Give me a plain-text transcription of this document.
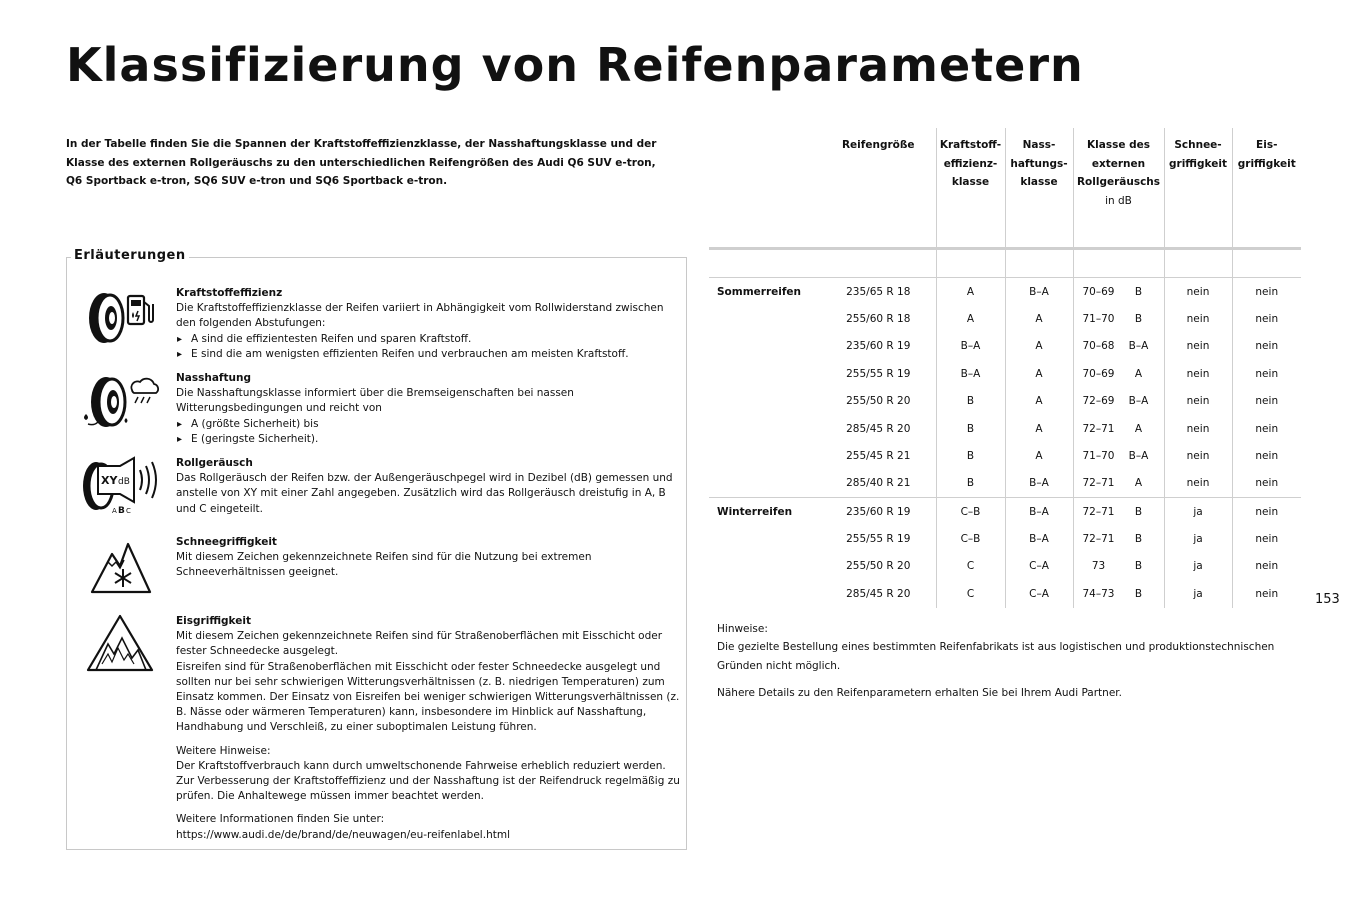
Klassifizierung von Reifenparametern
In der Tabelle finden Sie die Spannen der Kraftstoffeffizienzklasse, der Nasshaftungsklasse und der Klasse des externen Rollgeräuschs zu den unterschiedlichen Reifengrößen des Audi Q6 SUV e-tron, Q6 Sportback e-tron, SQ6 SUV e-tron und SQ6 Sportback e-tron.
Erläuterungen
Kraftstoffeffizienz
Die Kraftstoffeffizienzklasse der Reifen variiert in Abhängigkeit vom Rollwiderstand zwischen den folgenden Abstufungen:
▸ A sind die effizientesten Reifen und sparen Kraftstoff.
▸ E sind die am wenigsten effizienten Reifen und verbrauchen am meisten Kraftstoff.
Nasshaftung
Die Nasshaftungsklasse informiert über die Bremseigenschaften bei nassen Witterungsbedingungen und reicht von
▸ A (größte Sicherheit) bis
▸ E (geringste Sicherheit).
XY dB
A B C
Rollgeräusch
Das Rollgeräusch der Reifen bzw. der Außengeräuschpegel wird in Dezibel (dB) gemessen und anstelle von XY mit einer Zahl angegeben. Zusätzlich wird das Rollgeräusch dreistufig in A, B und C eingeteilt.
Schneegriffigkeit
Mit diesem Zeichen gekennzeichnete Reifen sind für die Nutzung bei extremen Schneeverhältnissen geeignet.
Eisgriffigkeit
Mit diesem Zeichen gekennzeichnete Reifen sind für Straßenoberflächen mit Eisschicht oder fester Schneedecke ausgelegt.
Eisreifen sind für Straßenoberflächen mit Eisschicht oder fester Schneedecke ausgelegt und sollten nur bei sehr schwierigen Witterungsverhältnissen (z. B. niedrigen Temperaturen) zum Einsatz kommen. Der Einsatz von Eisreifen bei weniger schwierigen Witterungsverhältnissen (z. B. Nässe oder wärmeren Temperaturen) kann, insbesondere im Hinblick auf Nasshaftung, Handhabung und Verschleiß, zu einer suboptimalen Leistung führen.
Weitere Hinweise:
Der Kraftstoffverbrauch kann durch umweltschonende Fahrweise erheblich reduziert werden. Zur Verbesserung der Kraftstoffeffizienz und der Nasshaftung ist der Reifendruck regelmäßig zu prüfen. Die Anhaltewege müssen immer beachtet werden.
Weitere Informationen finden Sie unter:
https://www.audi.de/de/brand/de/neuwagen/eu-reifenlabel.html
	Reifengröße	Kraftstoff-
effizienz-
klasse	Nass-
haftungs-
klasse	Klasse des
externen
Rollgeräuschs
in dB	Schnee-
griffigkeit	Eis-
griffigkeit

Sommerreifen	235/65 R 18	A	B–A	70–69 B	nein	nein
	255/60 R 18	A	A	71–70 B	nein	nein
	235/60 R 19	B–A	A	70–68 B–A	nein	nein
	255/55 R 19	B–A	A	70–69 A	nein	nein
	255/50 R 20	B	A	72–69 B–A	nein	nein
	285/45 R 20	B	A	72–71 A	nein	nein
	255/45 R 21	B	A	71–70 B–A	nein	nein
	285/40 R 21	B	B–A	72–71 A	nein	nein
Winterreifen	235/60 R 19	C–B	B–A	72–71 B	ja	nein
	255/55 R 19	C–B	B–A	72–71 B	ja	nein
	255/50 R 20	C	C–A	73 B	ja	nein
	285/45 R 20	C	C–A	74–73 B	ja	nein	153
Hinweise:
Die gezielte Bestellung eines bestimmten Reifenfabrikats ist aus logistischen und produktionstechnischen Gründen nicht möglich.
Nähere Details zu den Reifenparametern erhalten Sie bei Ihrem Audi Partner.
